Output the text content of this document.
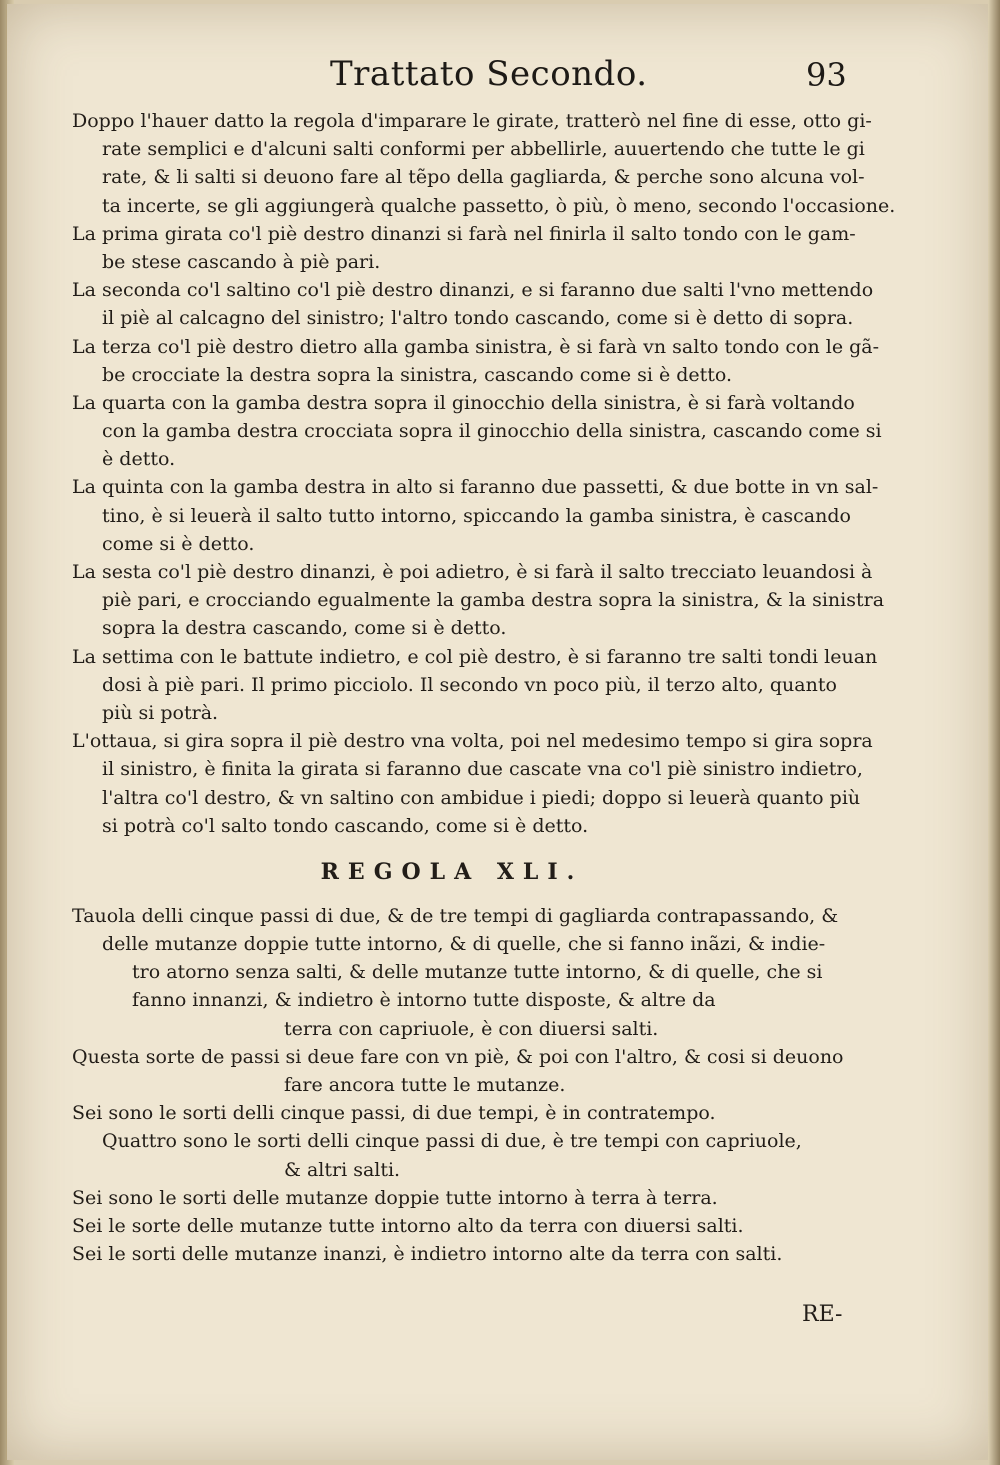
Trattato Secondo.	93
Doppo l'hauer datto la regola d'imparare le girate, tratterò nel fine di esse, otto gi-
rate semplici e d'alcuni salti conformi per abbellirle, auuertendo che tutte le gi
rate, & li salti si deuono fare al tẽpo della gagliarda, & perche sono alcuna vol-
ta incerte, se gli aggiungerà qualche passetto, ò più, ò meno, secondo l'occasione.
La prima girata co'l piè destro dinanzi si farà nel finirla il salto tondo con le gam-
be stese cascando à piè pari.
La seconda co'l saltino co'l piè destro dinanzi, e si faranno due salti l'vno mettendo
il piè al calcagno del sinistro; l'altro tondo cascando, come si è detto di sopra.
La terza co'l piè destro dietro alla gamba sinistra, è si farà vn salto tondo con le gã-
be crocciate la destra sopra la sinistra, cascando come si è detto.
La quarta con la gamba destra sopra il ginocchio della sinistra, è si farà voltando
con la gamba destra crocciata sopra il ginocchio della sinistra, cascando come si
è detto.
La quinta con la gamba destra in alto si faranno due passetti, & due botte in vn sal-
tino, è si leuerà il salto tutto intorno, spiccando la gamba sinistra, è cascando
come si è detto.
La sesta co'l piè destro dinanzi, è poi adietro, è si farà il salto trecciato leuandosi à
piè pari, e crocciando egualmente la gamba destra sopra la sinistra, & la sinistra
sopra la destra cascando, come si è detto.
La settima con le battute indietro, e col piè destro, è si faranno tre salti tondi leuan
dosi à piè pari. Il primo picciolo. Il secondo vn poco più, il terzo alto, quanto
più si potrà.
L'ottaua, si gira sopra il piè destro vna volta, poi nel medesimo tempo si gira sopra
il sinistro, è finita la girata si faranno due cascate vna co'l piè sinistro indietro,
l'altra co'l destro, & vn saltino con ambidue i piedi; doppo si leuerà quanto più
si potrà co'l salto tondo cascando, come si è detto.
REGOLA XLI.
Tauola delli cinque passi di due, & de tre tempi di gagliarda contrapassando, &
delle mutanze doppie tutte intorno, & di quelle, che si fanno inãzi, & indie-
tro atorno senza salti, & delle mutanze tutte intorno, & di quelle, che si
fanno innanzi, & indietro è intorno tutte disposte, & altre da
terra con capriuole, è con diuersi salti.
Questa sorte de passi si deue fare con vn piè, & poi con l'altro, & cosi si deuono
fare ancora tutte le mutanze.
Sei sono le sorti delli cinque passi, di due tempi, è in contratempo.
Quattro sono le sorti delli cinque passi di due, è tre tempi con capriuole,
& altri salti.
Sei sono le sorti delle mutanze doppie tutte intorno à terra à terra.
Sei le sorte delle mutanze tutte intorno alto da terra con diuersi salti.
Sei le sorti delle mutanze inanzi, è indietro intorno alte da terra con salti.
RE-
